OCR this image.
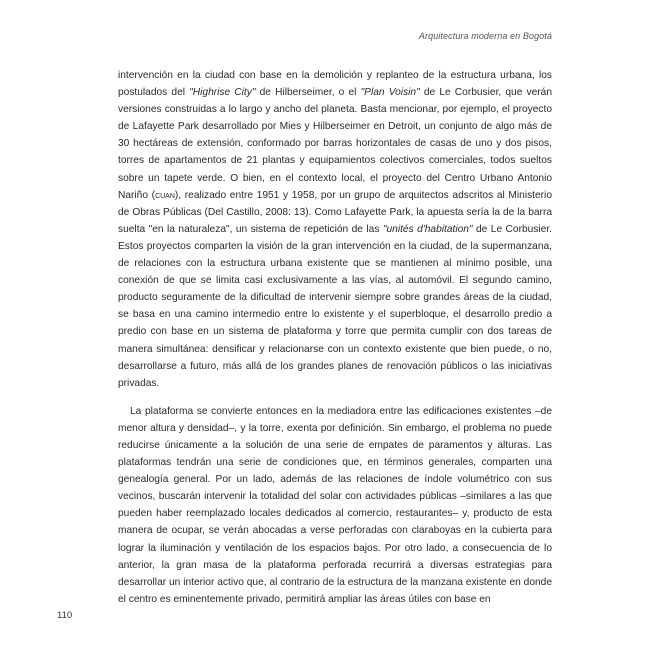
Arquitectura moderna en Bogotá

intervención en la ciudad con base en la demolición y replanteo de la estructura urbana, los postulados del "Highrise City" de Hilberseimer, o el "Plan Voisin" de Le Corbusier, que verán versiones construidas a lo largo y ancho del planeta. Basta mencionar, por ejemplo, el proyecto de Lafayette Park desarrollado por Mies y Hilberseimer en Detroit, un conjunto de algo más de 30 hectáreas de extensión, conformado por barras horizontales de casas de uno y dos pisos, torres de apartamentos de 21 plantas y equipamientos colectivos comerciales, todos sueltos sobre un tapete verde. O bien, en el contexto local, el proyecto del Centro Urbano Antonio Nariño (cuan), realizado entre 1951 y 1958, por un grupo de arquitectos adscritos al Ministerio de Obras Públicas (Del Castillo, 2008: 13). Como Lafayette Park, la apuesta sería la de la barra suelta "en la naturaleza", un sistema de repetición de las "unités d'habitation" de Le Corbusier. Estos proyectos comparten la visión de la gran intervención en la ciudad, de la supermanzana, de relaciones con la estructura urbana existente que se mantienen al mínimo posible, una conexión de que se limita casi exclusivamente a las vías, al automóvil. El segundo camino, producto seguramente de la dificultad de intervenir siempre sobre grandes áreas de la ciudad, se basa en una camino intermedio entre lo existente y el superbloque, el desarrollo predio a predio con base en un sistema de plataforma y torre que permita cumplir con dos tareas de manera simultánea: densificar y relacionarse con un contexto existente que bien puede, o no, desarrollarse a futuro, más allá de los grandes planes de renovación públicos o las iniciativas privadas.

La plataforma se convierte entonces en la mediadora entre las edificaciones existentes –de menor altura y densidad–, y la torre, exenta por definición. Sin embargo, el problema no puede reducirse únicamente a la solución de una serie de empates de paramentos y alturas. Las plataformas tendrán una serie de condiciones que, en términos generales, comparten una genealogía general. Por un lado, además de las relaciones de índole volumétrico con sus vecinos, buscarán intervenir la totalidad del solar con actividades públicas –similares a las que pueden haber reemplazado locales dedicados al comercio, restaurantes– y, producto de esta manera de ocupar, se verán abocadas a verse perforadas con claraboyas en la cubierta para lograr la iluminación y ventilación de los espacios bajos. Por otro lado, a consecuencia de lo anterior, la gran masa de la plataforma perforada recurrirá a diversas estrategias para desarrollar un interior activo que, al contrario de la estructura de la manzana existente en donde el centro es eminentemente privado, permitirá ampliar las áreas útiles con base en

110
